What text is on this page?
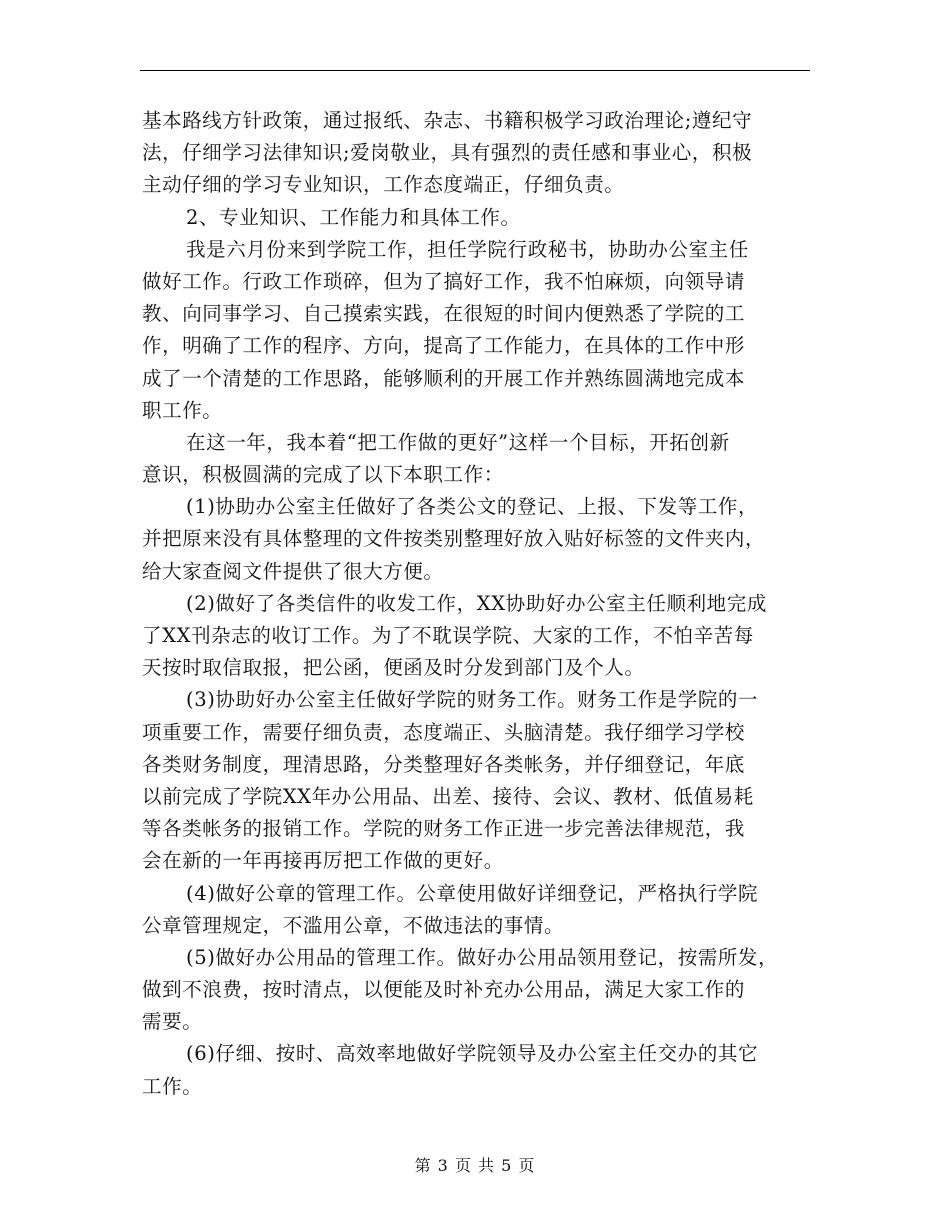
基本路线方针政策，通过报纸、杂志、书籍积极学习政治理论;遵纪守
法，仔细学习法律知识;爱岗敬业，具有强烈的责任感和事业心，积极
主动仔细的学习专业知识，工作态度端正，仔细负责。
2、专业知识、工作能力和具体工作。
我是六月份来到学院工作，担任学院行政秘书，协助办公室主任
做好工作。行政工作琐碎，但为了搞好工作，我不怕麻烦，向领导请
教、向同事学习、自己摸索实践，在很短的时间内便熟悉了学院的工
作，明确了工作的程序、方向，提高了工作能力，在具体的工作中形
成了一个清楚的工作思路，能够顺利的开展工作并熟练圆满地完成本
职工作。
在这一年，我本着“把工作做的更好”这样一个目标，开拓创新
意识，积极圆满的完成了以下本职工作：
(1)协助办公室主任做好了各类公文的登记、上报、下发等工作，
并把原来没有具体整理的文件按类别整理好放入贴好标签的文件夹内，
给大家查阅文件提供了很大方便。
(2)做好了各类信件的收发工作，XX协助好办公室主任顺利地完成
了XX刊杂志的收订工作。为了不耽误学院、大家的工作，不怕辛苦每
天按时取信取报，把公函，便函及时分发到部门及个人。
(3)协助好办公室主任做好学院的财务工作。财务工作是学院的一
项重要工作，需要仔细负责，态度端正、头脑清楚。我仔细学习学校
各类财务制度，理清思路，分类整理好各类帐务，并仔细登记，年底
以前完成了学院XX年办公用品、出差、接待、会议、教材、低值易耗
等各类帐务的报销工作。学院的财务工作正进一步完善法律规范，我
会在新的一年再接再厉把工作做的更好。
(4)做好公章的管理工作。公章使用做好详细登记，严格执行学院
公章管理规定，不滥用公章，不做违法的事情。
(5)做好办公用品的管理工作。做好办公用品领用登记，按需所发，
做到不浪费，按时清点，以便能及时补充办公用品，满足大家工作的
需要。
(6)仔细、按时、高效率地做好学院领导及办公室主任交办的其它
工作。
第 3 页 共 5 页
